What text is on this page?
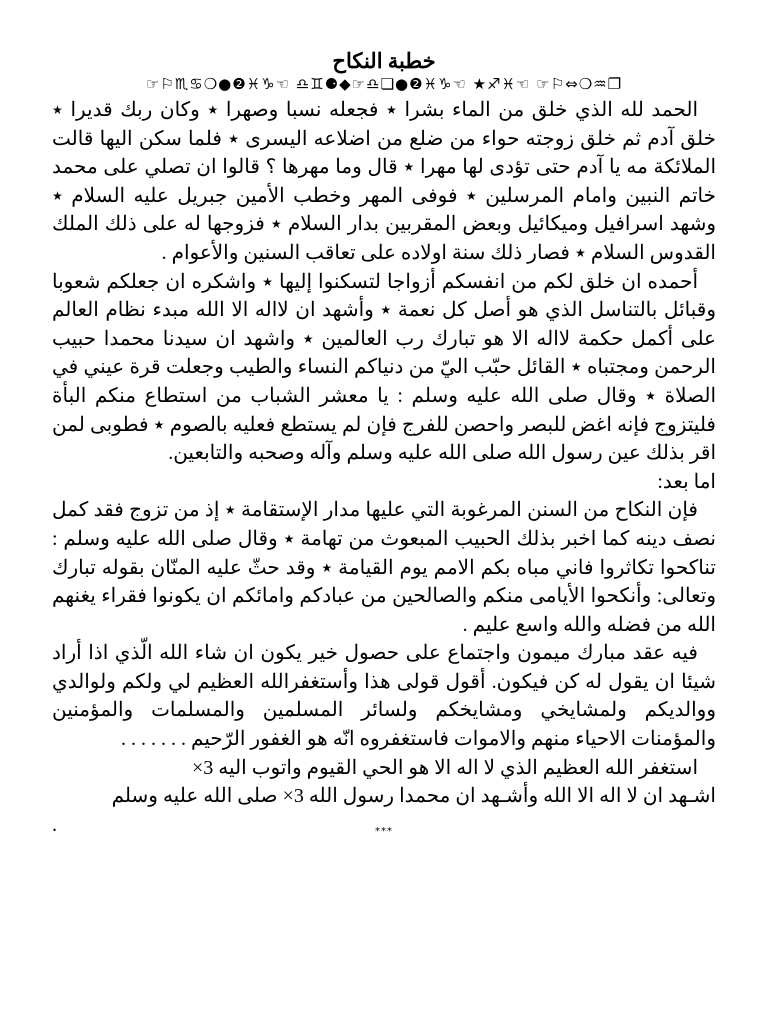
خطبة النكاح
☞⚐♏♋❍●❷♓♑☜ ♎♊⚈◆☞♎❏●❷♓♑☜ ★♐♓☜ ☞⚐⇔❍♒❐

الحمد لله الذي خلق من الماء بشرا ٭ فجعله نسبا وصهرا ٭ وكان ربك قديرا ٭ خلق آدم ثم خلق زوجته حواء من ضلع من اضلاعه اليسرى ٭ فلما سكن اليها قالت الملائكة مه يا آدم حتى تؤدى لها مهرا ٭ قال وما مهرها ؟ قالوا ان تصلي على محمد خاتم النبين وامام المرسلين ٭ فوفى المهر وخطب الأمين جبريل عليه السلام ٭ وشهد اسرافيل وميكائيل وبعض المقربين بدار السلام ٭ فزوجها له على ذلك الملك القدوس السلام ٭ فصار ذلك سنة اولاده على تعاقب السنين والأعوام .

أحمده ان خلق لكم من انفسكم أزواجا لتسكنوا إليها ٭ واشكره ان جعلكم شعوبا وقبائل بالتناسل الذي هو أصل كل نعمة ٭ وأشهد ان لااله الا الله مبدء نظام العالم على أكمل حكمة لااله الا هو تبارك رب العالمين ٭ واشهد ان سيدنا محمدا حبيب الرحمن ومجتباه ٭ القائل حبّب اليّ من دنياكم النساء والطيب وجعلت قرة عيني في الصلاة ٭ وقال صلى الله عليه وسلم : يا معشر الشباب من استطاع منكم البأة فليتزوج فإنه اغض للبصر واحصن للفرج فإن لم يستطع فعليه بالصوم ٭ فطوبى لمن اقر بذلك عين رسول الله صلى الله عليه وسلم وآله وصحبه والتابعين.

اما بعد:

فإن النكاح من السنن المرغوبة التي عليها مدار الإستقامة ٭ إذ من تزوج فقد كمل نصف دينه كما اخبر بذلك الحبيب المبعوث من تهامة ٭ وقال صلى الله عليه وسلم : تناكحوا تكاثروا فاني مباه بكم الامم يوم القيامة ٭ وقد حثّ عليه المنّان بقوله تبارك وتعالى: وأنكحوا الأيامى منكم والصالحين من عبادكم وامائكم ان يكونوا فقراء يغنهم الله من فضله والله واسع عليم .

فيه عقد مبارك ميمون واجتماع على حصول خير يكون ان شاء الله الّذي اذا أراد شيئا ان يقول له كن فيكون. أقول قولى هذا وأستغفرالله العظيم لي ولكم ولوالدي ووالديكم ولمشايخي ومشايخكم ولسائر المسلمين والمسلمات والمؤمنين والمؤمنات الاحياء منهم والاموات فاستغفروه انّه هو الغفور الرّحيم . . . . . . .

استغفر الله العظيم الذي لا اله الا هو الحي القيوم واتوب اليه 3×

اشـهد ان لا اله الا الله وأشـهد ان محمدا رسول الله 3× صلى الله عليه وسلم

.	***
